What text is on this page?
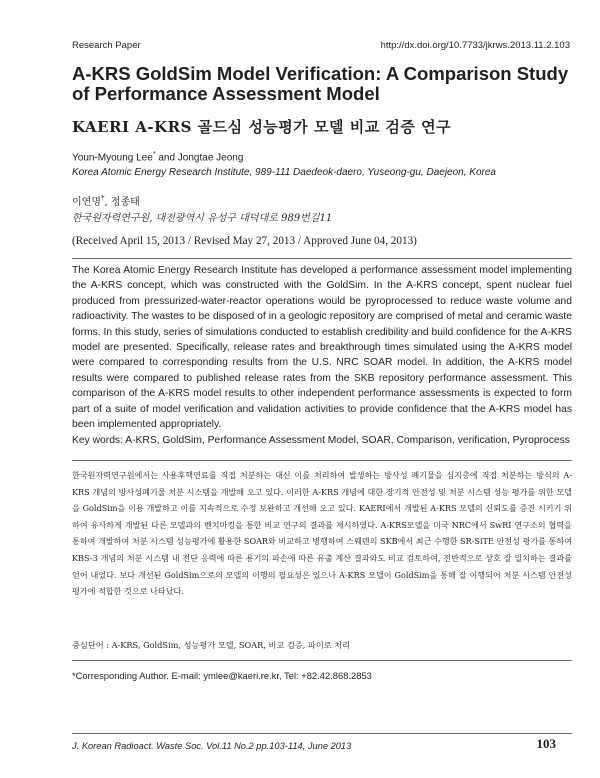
Research Paper	http://dx.doi.org/10.7733/jkrws.2013.11.2.103
A-KRS GoldSim Model Verification: A Comparison Study of Performance Assessment Model
KAERI A-KRS 골드심 성능평가 모델 비교 검증 연구
Youn-Myoung Lee* and Jongtae Jeong
Korea Atomic Energy Research Institute, 989-111 Daedeok-daero, Yuseong-gu, Daejeon, Korea
이연명*, 정종태
한국원자력연구원, 대전광역시 유성구 대덕대로 989번길11
(Received April 15, 2013 / Revised May 27, 2013 / Approved June 04, 2013)

The Korea Atomic Energy Research Institute has developed a performance assessment model implementing the A-KRS concept, which was constructed with the GoldSim. In the A-KRS concept, spent nuclear fuel produced from pressurized-water-reactor operations would be pyroprocessed to reduce waste volume and radioactivity. The wastes to be disposed of in a geologic repository are comprised of metal and ceramic waste forms. In this study, series of simulations conducted to establish credibility and build confidence for the A-KRS model are presented. Specifically, release rates and breakthrough times simulated using the A-KRS model were compared to corresponding results from the U.S. NRC SOAR model. In addition, the A-KRS model results were compared to published release rates from the SKB repository performance assessment. This comparison of the A-KRS model results to other independent performance assessments is expected to form part of a suite of model verification and validation activities to provide confidence that the A-KRS model has been implemented appropriately.

Key words: A-KRS, GoldSim, Performance Assessment Model, SOAR, Comparison, verification, Pyroprocess

한국원자력연구원에서는 사용후핵연료를 직접 처분하는 대신 이를 처리하여 발생하는 방사성 폐기물을 심지층에 직접 처분하는 방식의 A-KRS 개념의 방사성폐기물 처분 시스템을 개발해 오고 있다. 이러한 A-KRS 개념에 대한 장기적 안전성 및 처분 시스템 성능 평가를 위한 모델을 GoldSim을 이용 개발하고 이를 지속적으로 수정 보완하고 개선해 오고 있다. KAERI에서 개발된 A-KRS 모델의 신뢰도를 증진 시키기 위하여 유사하게 개발된 다른 모델과의 벤치마킹을 통한 비교 연구의 결과를 제시하였다. A-KRS모델을 미국 NRC에서 SwRI 연구소의 협력을 통하여 개발하여 처분 시스템 성능평가에 활용한 SOAR와 비교하고 병행하여 스웨덴의 SKB에서 최근 수행한 SR-SiTE 안전성 평가를 통하여 KBS-3 개념의 처분 시스템 내 전단 응력에 따른 용기의 파손에 따른 유출 계산 결과와도 비교 검토하여, 전반적으로 상호 잘 일치하는 결과를 얻어 내었다. 보다 개선된 GoldSim으로의 모델의 이행의 필요성은 있으나 A-KRS 모델이 GoldSim을 통해 잘 이행되어 처분 시스템 안전성 평가에 적합한 것으로 나타났다.

중심단어 : A-KRS, GoldSim, 성능평가 모델, SOAR, 비교 검증, 파이로 처리
*Corresponding Author. E-mail: ymlee@kaeri.re.kr, Tel: +82.42.868.2853
J. Korean Radioact. Waste Soc. Vol.11 No.2 pp.103-114, June 2013	103
